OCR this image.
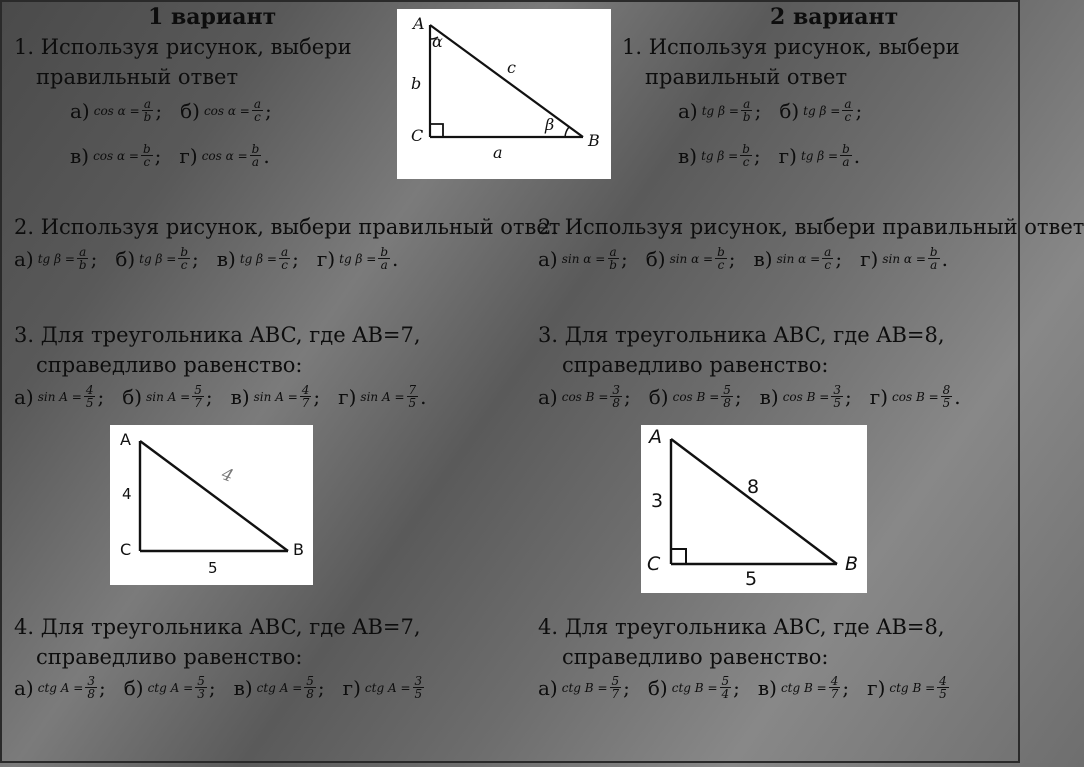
1 вариант	2 вариант
1. Используя рисунок, выбери
правильный ответ
а) cos
$\alpha = \frac{a}{b}$ ; б) cos
$\alpha = \frac{a}{c}$ ;
в) cos
$\alpha = \frac{b}{c}$ ; г) cos
$\alpha = \frac{b}{a}$ .
1. Используя рисунок, выбери
правильный ответ
а) tg
$\beta = \frac{a}{b}$ ; б) tg
$\beta = \frac{a}{c}$ ;
в) tg
$\beta = \frac{b}{c}$ ; г) tg
$\beta = \frac{b}{a}$ .
A
C	B
α
β
b
c
a
2. Используя рисунок, выбери правильный ответ
а) tg
$\beta = \frac{a}{b}$ ; б) tg
$\beta = \frac{b}{c}$ ; в) tg
$\beta = \frac{a}{c}$ ; г) tg
$\beta = \frac{b}{a}$ .
2. Используя рисунок, выбери правильный ответ
а) sin
$\alpha = \frac{a}{b}$ ; б) sin
$\alpha = \frac{b}{c}$ ; в) sin
$\alpha = \frac{a}{c}$ ; г) sin
$\alpha = \frac{b}{a}$ .
3. Для треугольника ABC, где AB=7,
справедливо равенство:
а) sin
$A = \frac{4}{5}$ ; б) sin
$A = \frac{5}{7}$ ; в) sin
$A = \frac{4}{7}$ ; г) sin
$A = \frac{7}{5}$ .
3. Для треугольника ABC, где AB=8,
справедливо равенство:
а) cos
$B = \frac{3}{8}$ ; б) cos
$B = \frac{5}{8}$ ; в) cos
$B = \frac{3}{5}$ ; г) cos
$B = \frac{8}{5}$ .
A
C	B
4
5
4
A
C	B
3
5
8
4. Для треугольника ABC, где AB=7,
справедливо равенство:
а) ctg
$A = \frac{3}{8}$ ; б) ctg
$A = \frac{5}{3}$ ; в) ctg
$A = \frac{5}{8}$ ; г) ctg
$A = \frac{3}{5}$
4. Для треугольника ABC, где AB=8,
справедливо равенство:
а) ctg
$B = \frac{5}{7}$ ; б) ctg
$B = \frac{5}{4}$ ; в) ctg
$B = \frac{4}{7}$ ; г) ctg
$B = \frac{4}{5}$
